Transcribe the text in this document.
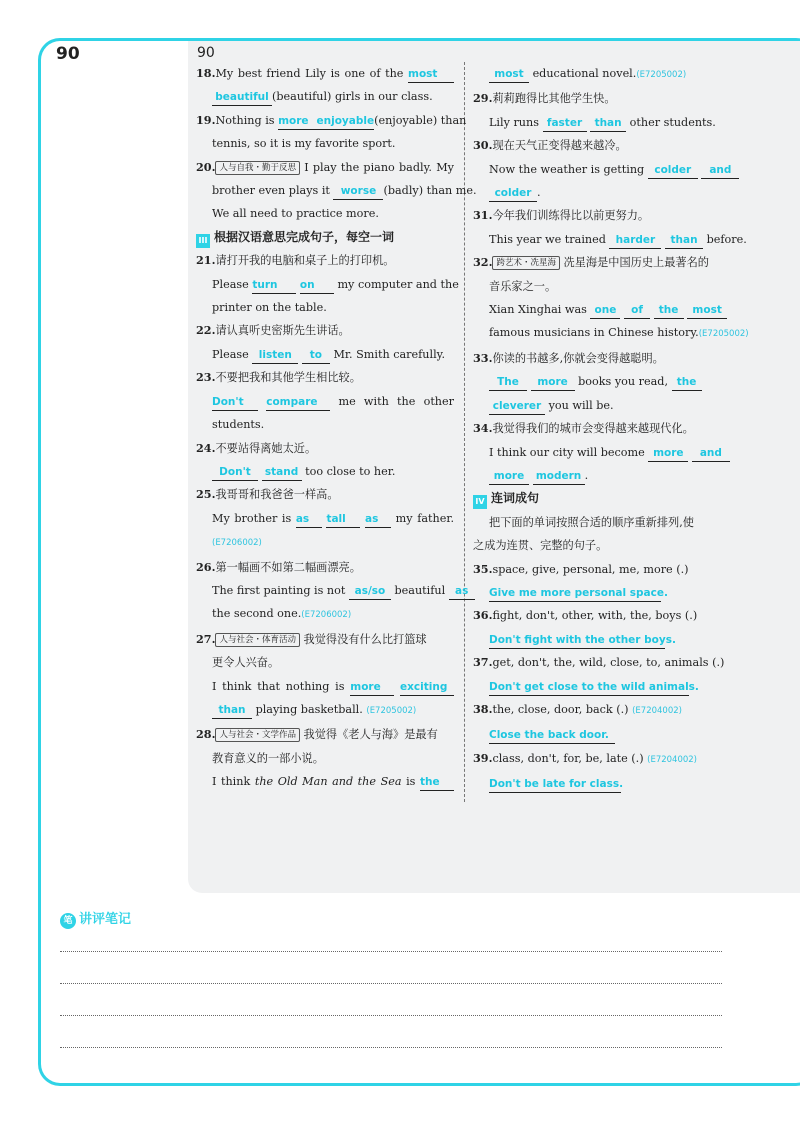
90	90
18.My best friend Lily is one of the most
beautiful (beautiful) girls in our class.
19.Nothing is more enjoyable(enjoyable) than
tennis, so it is my favorite sport.
20. 人与自我・勤于反思 I play the piano badly. My
brother even plays it worse (badly) than me.
We all need to practice more.
III 根据汉语意思完成句子，每空一词
21.请打开我的电脑和桌子上的打印机。
Please turn on my computer and the
printer on the table.
22.请认真听史密斯先生讲话。
Please listen to Mr. Smith carefully.
23.不要把我和其他学生相比较。
Don't compare me with the other
students.
24.不要站得离她太近。
Don't stand too close to her.
25.我哥哥和我爸爸一样高。
My brother is as tall as my father.
(E7206002)
26.第一幅画不如第二幅画漂亮。
The first painting is not as/so beautiful as
the second one.(E7206002)
27. 人与社会・体育活动 我觉得没有什么比打篮球
更令人兴奋。
I think that nothing is more exciting
than playing basketball. (E7205002)
28. 人与社会・文学作品 我觉得《老人与海》是最有
教育意义的一部小说。
I think the Old Man and the Sea is the
most educational novel.(E7205002)
29.莉莉跑得比其他学生快。
Lily runs faster than other students.
30.现在天气正变得越来越冷。
Now the weather is getting colder and
colder .
31.今年我们训练得比以前更努力。
This year we trained harder than before.
32. 跨艺术・冼星海 冼星海是中国历史上最著名的
音乐家之一。
Xian Xinghai was one of the most
famous musicians in Chinese history.(E7205002)
33.你读的书越多,你就会变得越聪明。
The more books you read, the
cleverer you will be.
34.我觉得我们的城市会变得越来越现代化。
I think our city will become more and
more modern .
IV 连词成句
把下面的单词按照合适的顺序重新排列,使
之成为连贯、完整的句子。
35.space, give, personal, me, more (.)
Give me more personal space.
36.fight, don't, other, with, the, boys (.)
Don't fight with the other boys.
37.get, don't, the, wild, close, to, animals (.)
Don't get close to the wild animals.
38.the, close, door, back (.) (E7204002)
Close the back door.
39.class, don't, for, be, late (.) (E7204002)
Don't be late for class.
笔 讲评笔记
